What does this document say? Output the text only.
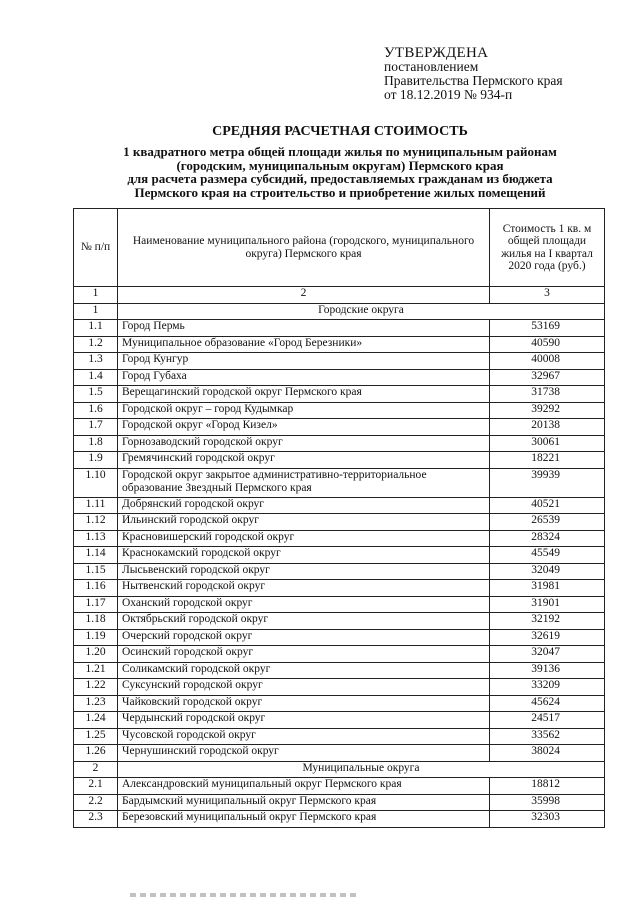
УТВЕРЖДЕНА
постановлением
Правительства Пермского края
от 18.12.2019 № 934-п
СРЕДНЯЯ РАСЧЕТНАЯ СТОИМОСТЬ
1 квадратного метра общей площади жилья по муниципальным районам
(городским, муниципальным округам) Пермского края
для расчета размера субсидий, предоставляемых гражданам из бюджета
Пермского края на строительство и приобретение жилых помещений
№ п/п	Наименование муниципального района (городского, муниципального округа) Пермского края	Стоимость 1 кв. м общей площади жилья на I квартал 2020 года (руб.)
1	2	3
1	Городские округа	
1.1	Город Пермь	53169
1.2	Муниципальное образование «Город Березники»	40590
1.3	Город Кунгур	40008
1.4	Город Губаха	32967
1.5	Верещагинский городской округ Пермского края	31738
1.6	Городской округ – город Кудымкар	39292
1.7	Городской округ «Город Кизел»	20138
1.8	Горнозаводский городской округ	30061
1.9	Гремячинский городской округ	18221
1.10	Городской округ закрытое административно-территориальное образование Звездный Пермского края	39939
1.11	Добрянский городской округ	40521
1.12	Ильинский городской округ	26539
1.13	Красновишерский городской округ	28324
1.14	Краснокамский городской округ	45549
1.15	Лысьвенский городской округ	32049
1.16	Нытвенский городской округ	31981
1.17	Оханский городской округ	31901
1.18	Октябрьский городской округ	32192
1.19	Очерский городской округ	32619
1.20	Осинский городской округ	32047
1.21	Соликамский городской округ	39136
1.22	Суксунский городской округ	33209
1.23	Чайковский городской округ	45624
1.24	Чердынский городской округ	24517
1.25	Чусовской городской округ	33562
1.26	Чернушинский городской округ	38024
2	Муниципальные округа	
2.1	Александровский муниципальный округ Пермского края	18812
2.2	Бардымский муниципальный округ Пермского края	35998
2.3	Березовский муниципальный округ Пермского края	32303
